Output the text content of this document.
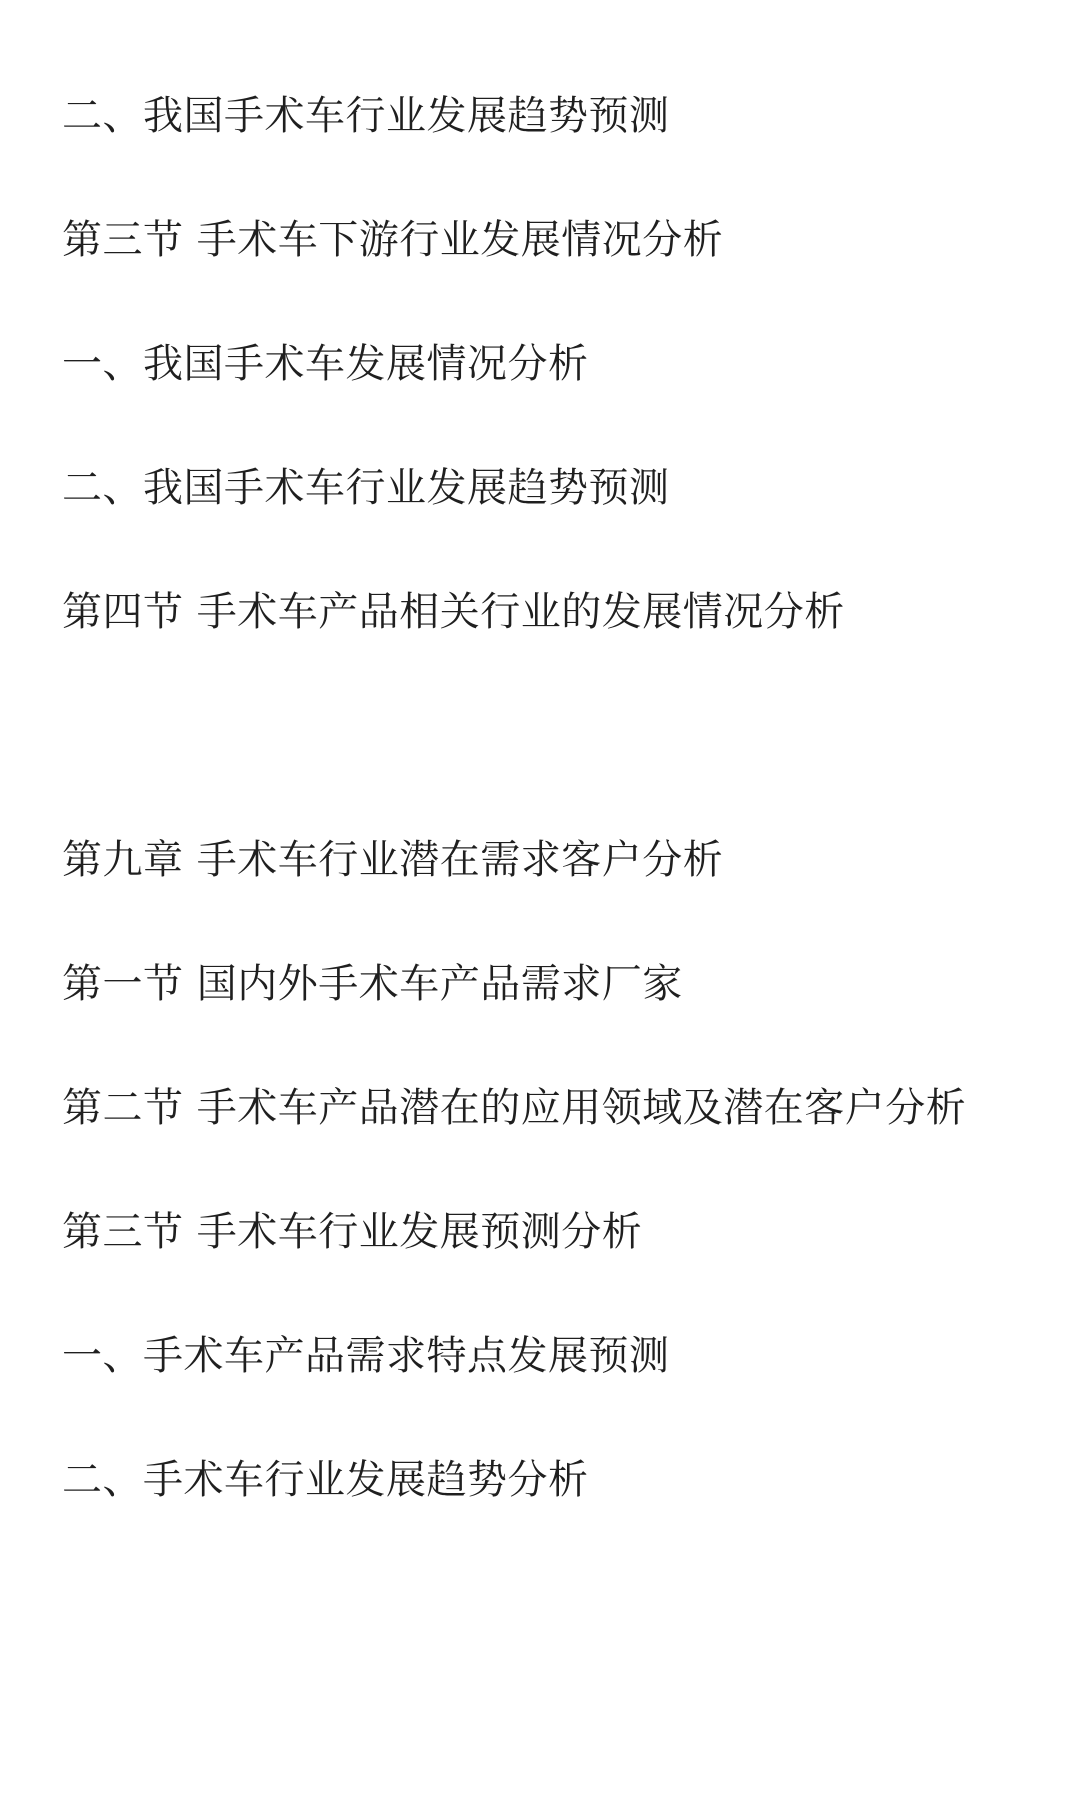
二、我国手术车行业发展趋势预测
第三节 手术车下游行业发展情况分析
一、我国手术车发展情况分析
二、我国手术车行业发展趋势预测
第四节 手术车产品相关行业的发展情况分析
第九章 手术车行业潜在需求客户分析
第一节 国内外手术车产品需求厂家
第二节 手术车产品潜在的应用领域及潜在客户分析
第三节 手术车行业发展预测分析
一、手术车产品需求特点发展预测
二、手术车行业发展趋势分析
